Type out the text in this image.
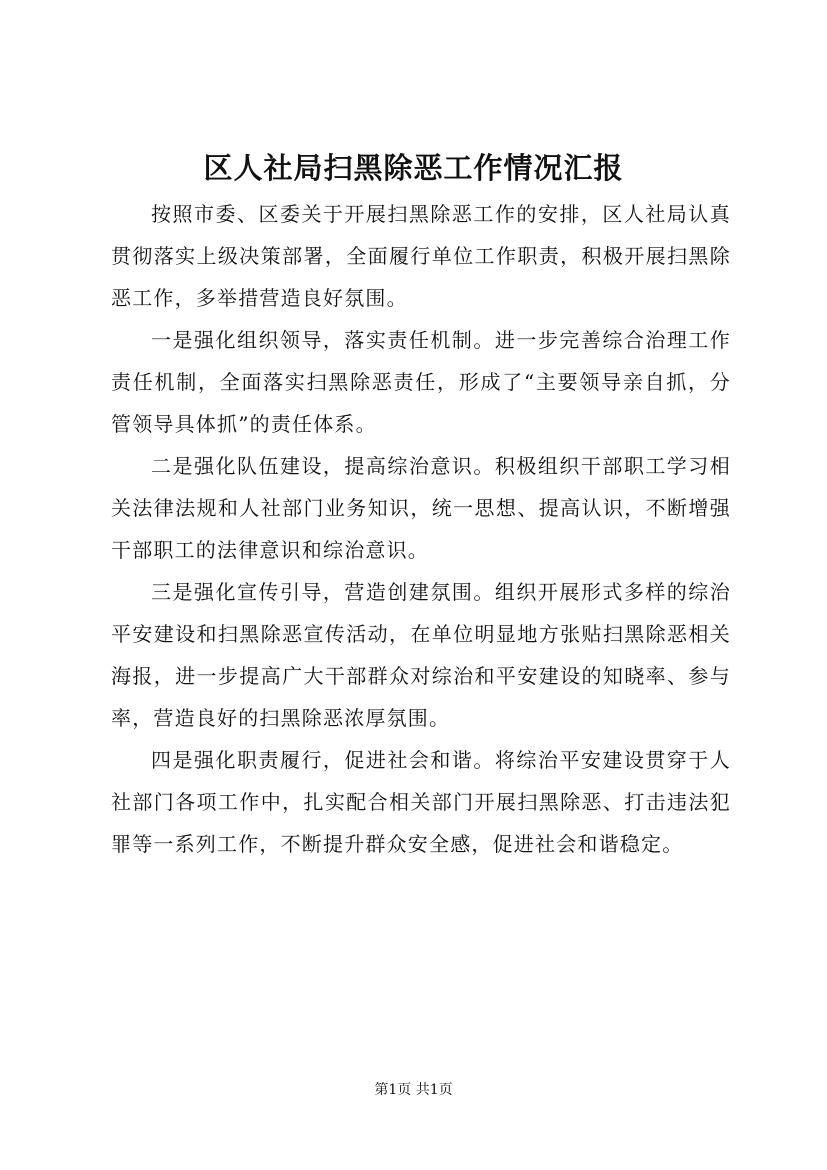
区人社局扫黑除恶工作情况汇报

按照市委、区委关于开展扫黑除恶工作的安排，区人社局认真贯彻落实上级决策部署，全面履行单位工作职责，积极开展扫黑除恶工作，多举措营造良好氛围。

一是强化组织领导，落实责任机制。进一步完善综合治理工作责任机制，全面落实扫黑除恶责任，形成了“主要领导亲自抓，分管领导具体抓”的责任体系。

二是强化队伍建设，提高综治意识。积极组织干部职工学习相关法律法规和人社部门业务知识，统一思想、提高认识，不断增强干部职工的法律意识和综治意识。

三是强化宣传引导，营造创建氛围。组织开展形式多样的综治平安建设和扫黑除恶宣传活动，在单位明显地方张贴扫黑除恶相关海报，进一步提高广大干部群众对综治和平安建设的知晓率、参与率，营造良好的扫黑除恶浓厚氛围。

四是强化职责履行，促进社会和谐。将综治平安建设贯穿于人社部门各项工作中，扎实配合相关部门开展扫黑除恶、打击违法犯罪等一系列工作，不断提升群众安全感，促进社会和谐稳定。

第1页 共1页
